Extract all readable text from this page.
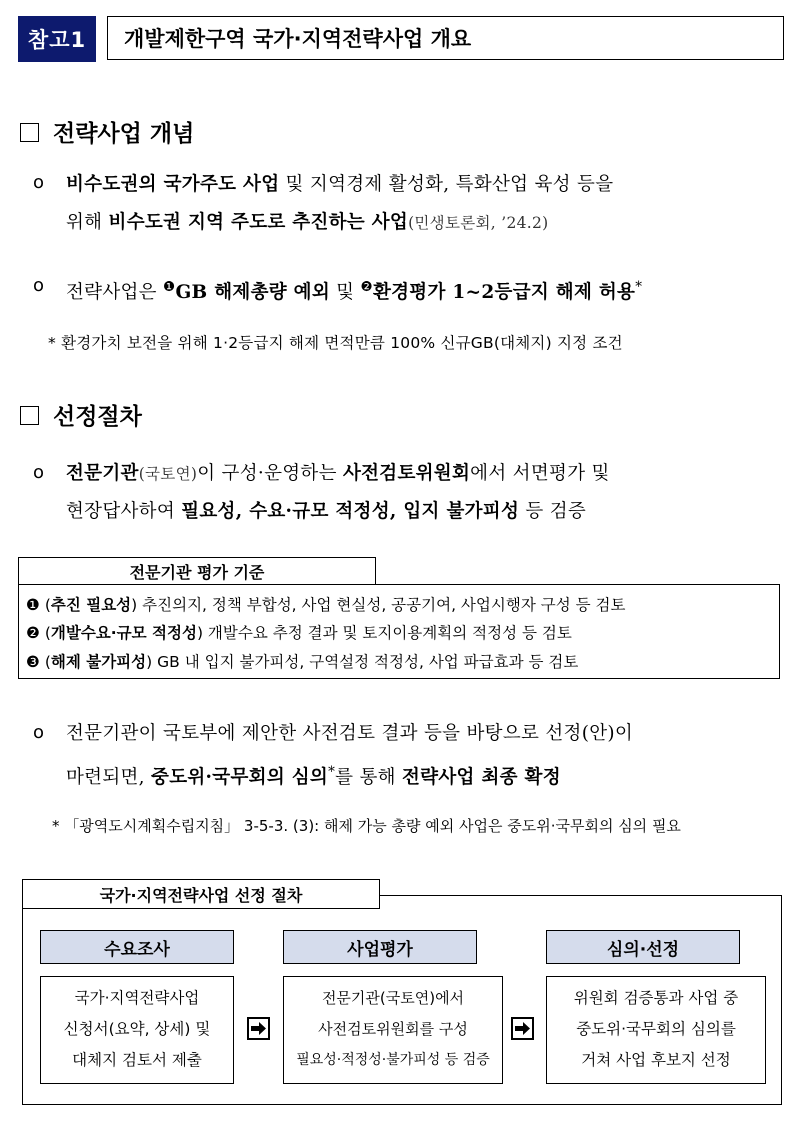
참고1	개발제한구역 국가·지역전략사업 개요
전략사업 개념
o 비수도권의 국가주도 사업 및 지역경제 활성화, 특화산업 육성 등을
위해 비수도권 지역 주도로 추진하는 사업(민생토론회, ’24.2)
o 전략사업은 $^❶$GB 해제총량 예외 및 $^❷$환경평가 1~2등급지 해제 허용*
* 환경가치 보전을 위해 1·2등급지 해제 면적만큼 100% 신규GB(대체지) 지정 조건
선정절차
o 전문기관(국토연)이 구성·운영하는 사전검토위원회에서 서면평가 및
현장답사하여 필요성, 수요·규모 적정성, 입지 불가피성 등 검증
전문기관 평가 기준
❶ (추진 필요성) 추진의지, 정책 부합성, 사업 현실성, 공공기여, 사업시행자 구성 등 검토
❷ (개발수요·규모 적정성) 개발수요 추정 결과 및 토지이용계획의 적정성 등 검토
❸ (해제 불가피성) GB 내 입지 불가피성, 구역설정 적정성, 사업 파급효과 등 검토
o 전문기관이 국토부에 제안한 사전검토 결과 등을 바탕으로 선정(안)이
마련되면, 중도위·국무회의 심의*를 통해 전략사업 최종 확정
* 「광역도시계획수립지침」 3-5-3. (3): 해제 가능 총량 예외 사업은 중도위·국무회의 심의 필요
국가·지역전략사업 선정 절차
수요조사	사업평가	심의·선정
국가·지역전략사업
신청서(요약, 상세) 및
대체지 검토서 제출
전문기관(국토연)에서
사전검토위원회를 구성
필요성·적정성·불가피성 등 검증
위원회 검증통과 사업 중
중도위·국무회의 심의를
거쳐 사업 후보지 선정
